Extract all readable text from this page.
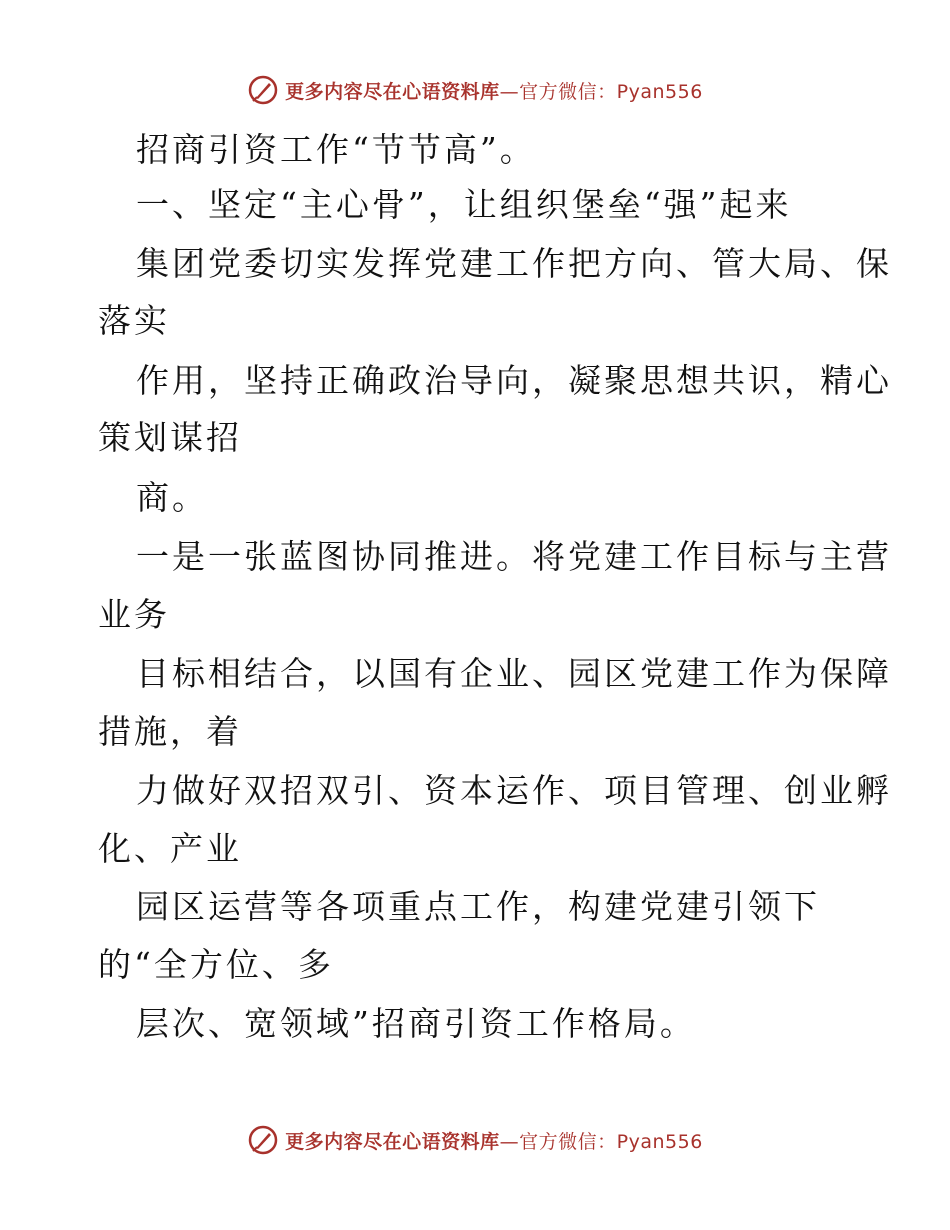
更多内容尽在心语资料库—官方微信：Pyan556
招商引资工作“节节高”。
一、坚定“主心骨”，让组织堡垒“强”起来
集团党委切实发挥党建工作把方向、管大局、保
落实
作用，坚持正确政治导向，凝聚思想共识，精心
策划谋招
商。
一是一张蓝图协同推进。将党建工作目标与主营
业务
目标相结合，以国有企业、园区党建工作为保障
措施，着
力做好双招双引、资本运作、项目管理、创业孵
化、产业
园区运营等各项重点工作，构建党建引领下
的“全方位、多
层次、宽领域”招商引资工作格局。
更多内容尽在心语资料库—官方微信：Pyan556
